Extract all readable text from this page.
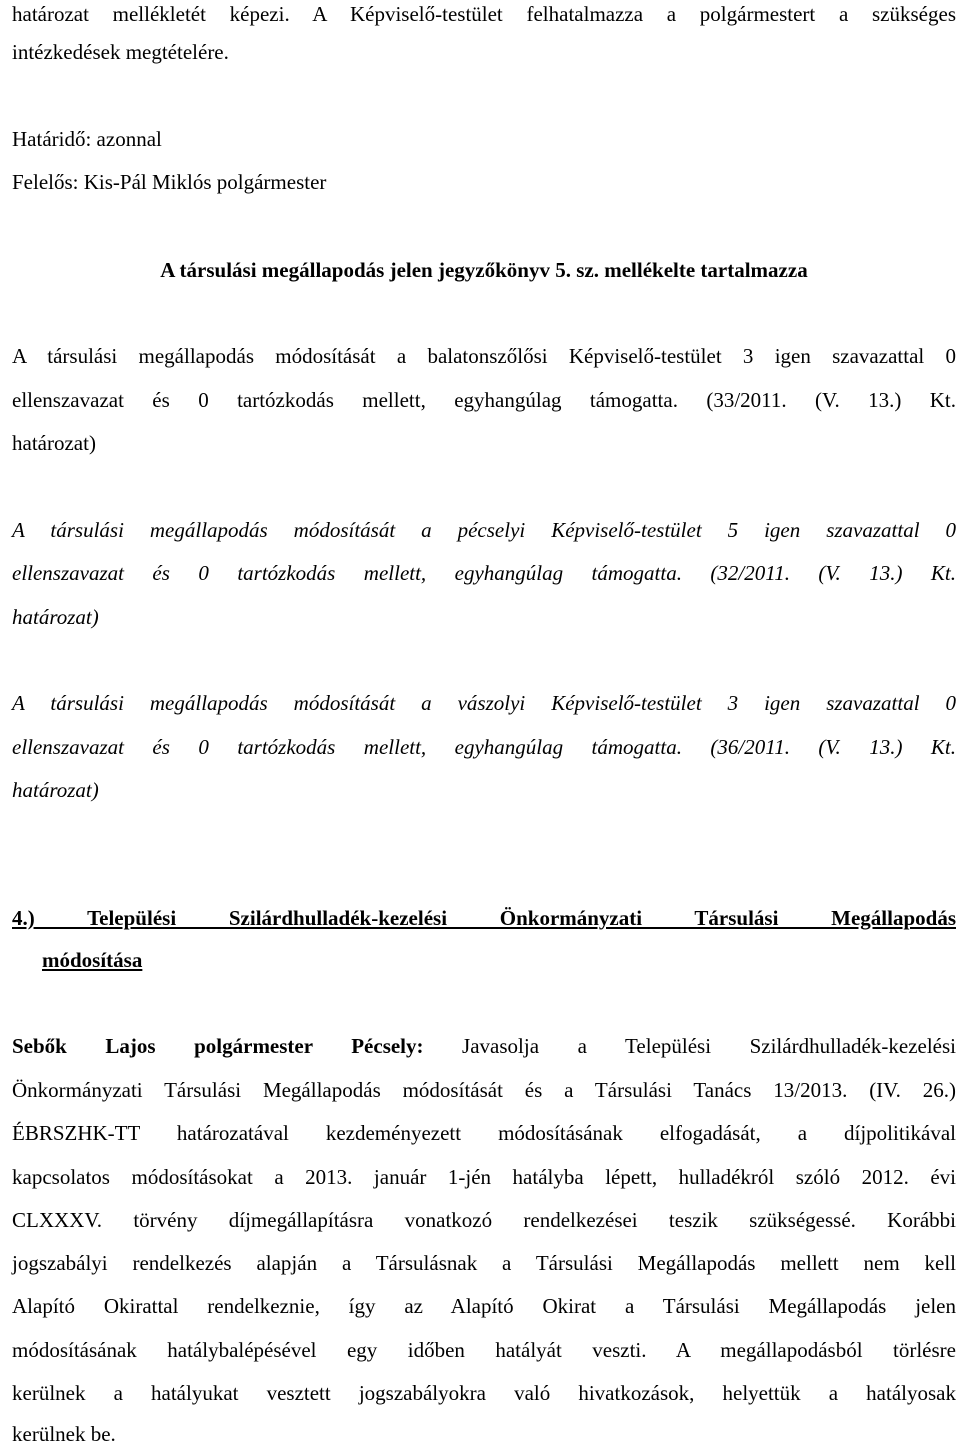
határozat mellékletét képezi. A Képviselő-testület felhatalmazza a polgármestert a szükséges
intézkedések megtételére.
Határidő: azonnal
Felelős: Kis-Pál Miklós polgármester
A társulási megállapodás jelen jegyzőkönyv 5. sz. mellékelte tartalmazza
A társulási megállapodás módosítását a balatonszőlősi Képviselő-testület 3 igen szavazattal 0
ellenszavazat és 0 tartózkodás mellett, egyhangúlag támogatta. (33/2011. (V. 13.) Kt.
határozat)
A társulási megállapodás módosítását a pécselyi Képviselő-testület 5 igen szavazattal 0
ellenszavazat és 0 tartózkodás mellett, egyhangúlag támogatta. (32/2011. (V. 13.) Kt.
határozat)
A társulási megállapodás módosítását a vászolyi Képviselő-testület 3 igen szavazattal 0
ellenszavazat és 0 tartózkodás mellett, egyhangúlag támogatta. (36/2011. (V. 13.) Kt.
határozat)
4.) Települési Szilárdhulladék-kezelési Önkormányzati Társulási Megállapodás
módosítása
Sebők Lajos polgármester Pécsely: Javasolja a Települési Szilárdhulladék-kezelési
Önkormányzati Társulási Megállapodás módosítását és a Társulási Tanács 13/2013. (IV. 26.)
ÉBRSZHK-TT határozatával kezdeményezett módosításának elfogadását, a díjpolitikával
kapcsolatos módosításokat a 2013. január 1-jén hatályba lépett, hulladékról szóló 2012. évi
CLXXXV. törvény díjmegállapításra vonatkozó rendelkezései teszik szükségessé. Korábbi
jogszabályi rendelkezés alapján a Társulásnak a Társulási Megállapodás mellett nem kell
Alapító Okirattal rendelkeznie, így az Alapító Okirat a Társulási Megállapodás jelen
módosításának hatálybalépésével egy időben hatályát veszti. A megállapodásból törlésre
kerülnek a hatályukat vesztett jogszabályokra való hivatkozások, helyettük a hatályosak
kerülnek be.
